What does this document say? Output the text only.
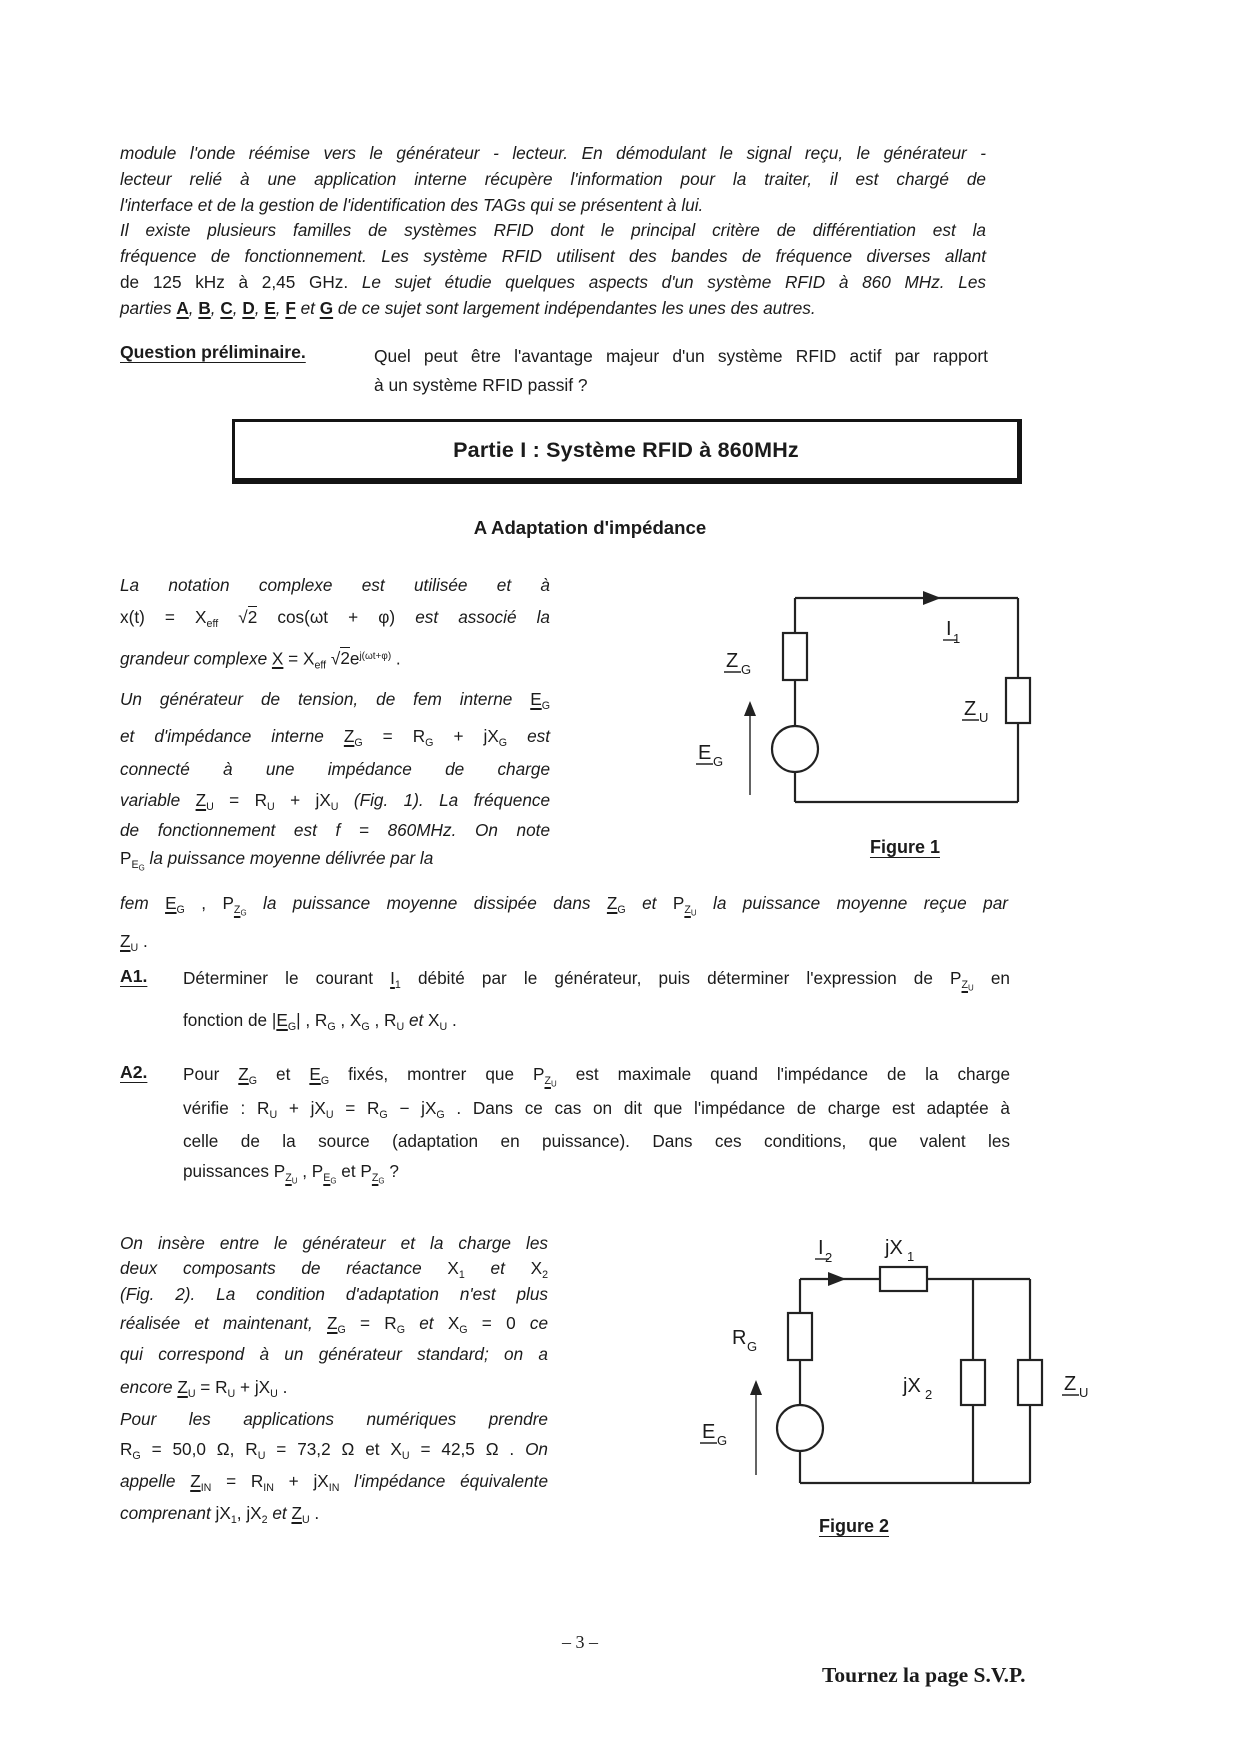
module l'onde réémise vers le générateur - lecteur. En démodulant le signal reçu, le générateur -
lecteur relié à une application interne récupère l'information pour la traiter, il est chargé de
l'interface et de la gestion de l'identification des TAGs qui se présentent à lui.
Il existe plusieurs familles de systèmes RFID dont le principal critère de différentiation est la
fréquence de fonctionnement. Les système RFID utilisent des bandes de fréquence diverses allant
de 125 kHz à 2,45 GHz. Le sujet étudie quelques aspects d'un système RFID à 860 MHz. Les
parties A, B, C, D, E, F et G de ce sujet sont largement indépendantes les unes des autres.
Question préliminaire.	Quel peut être l'avantage majeur d'un système RFID actif par rapport
à un système RFID passif ?
Partie I : Système RFID à 860MHz
A Adaptation d'impédance
La notation complexe est utilisée et à
$x(t) = X_{eff}$ √2 cos(ωt + φ) est associé la
grandeur complexe $X = X_{eff}$ $√2e^{j(\omega t+\varphi)}$ .
Un générateur de tension, de fem interne $E_G$
et d'impédance interne $Z_G = R_G + jX_G$ est
connecté à une impédance de charge
variable $Z_U = R_U + jX_U$ (Fig. 1). La fréquence
de fonctionnement est f = 860MHz. On note
$P_{EG}$ la puissance moyenne délivrée par la
Z G
I 1
Z U
E G
Figure 1
fem $E_G$ , $P_{ZG}$ la puissance moyenne dissipée dans $Z_G$ et $P_{ZU}$ la puissance moyenne reçue par
$Z_U$ .
A1. Déterminer le courant $I_1$ débité par le générateur, puis déterminer l'expression de $P_{ZU}$ en
fonction de $|E_G|$ , $R_G$ , $X_G$ , $R_U$ et $X_U$ .
A2. Pour $Z_G$ et $E_G$ fixés, montrer que $P_{ZU}$ est maximale quand l'impédance de la charge
vérifie : $R_U + jX_U = R_G - jX_G$ . Dans ce cas on dit que l'impédance de charge est adaptée à
celle de la source (adaptation en puissance). Dans ces conditions, que valent les
puissances $P_{ZU}$ , $P_{EG}$ et $P_{ZG}$ ?
On insère entre le générateur et la charge les
deux composants de réactance $X_1$ et $X_2$
(Fig. 2). La condition d'adaptation n'est plus
réalisée et maintenant, $Z_G = R_G$ et $X_G = 0$ ce
qui correspond à un générateur standard; on a
encore $Z_U = R_U + jX_U$ .
Pour les applications numériques prendre
$R_G = 50,0$ Ω, $R_U = 73,2$ Ω et $X_U = 42,5$ Ω . On
appelle $Z_{IN} = R_{IN} + jX_{IN}$ l'impédance équivalente
comprenant $jX_1$, $jX_2$ et $Z_U$ .
I 2	jX 1
R G
jX 2	Z U
E G
Figure 2
– 3 –
Tournez la page S.V.P.
